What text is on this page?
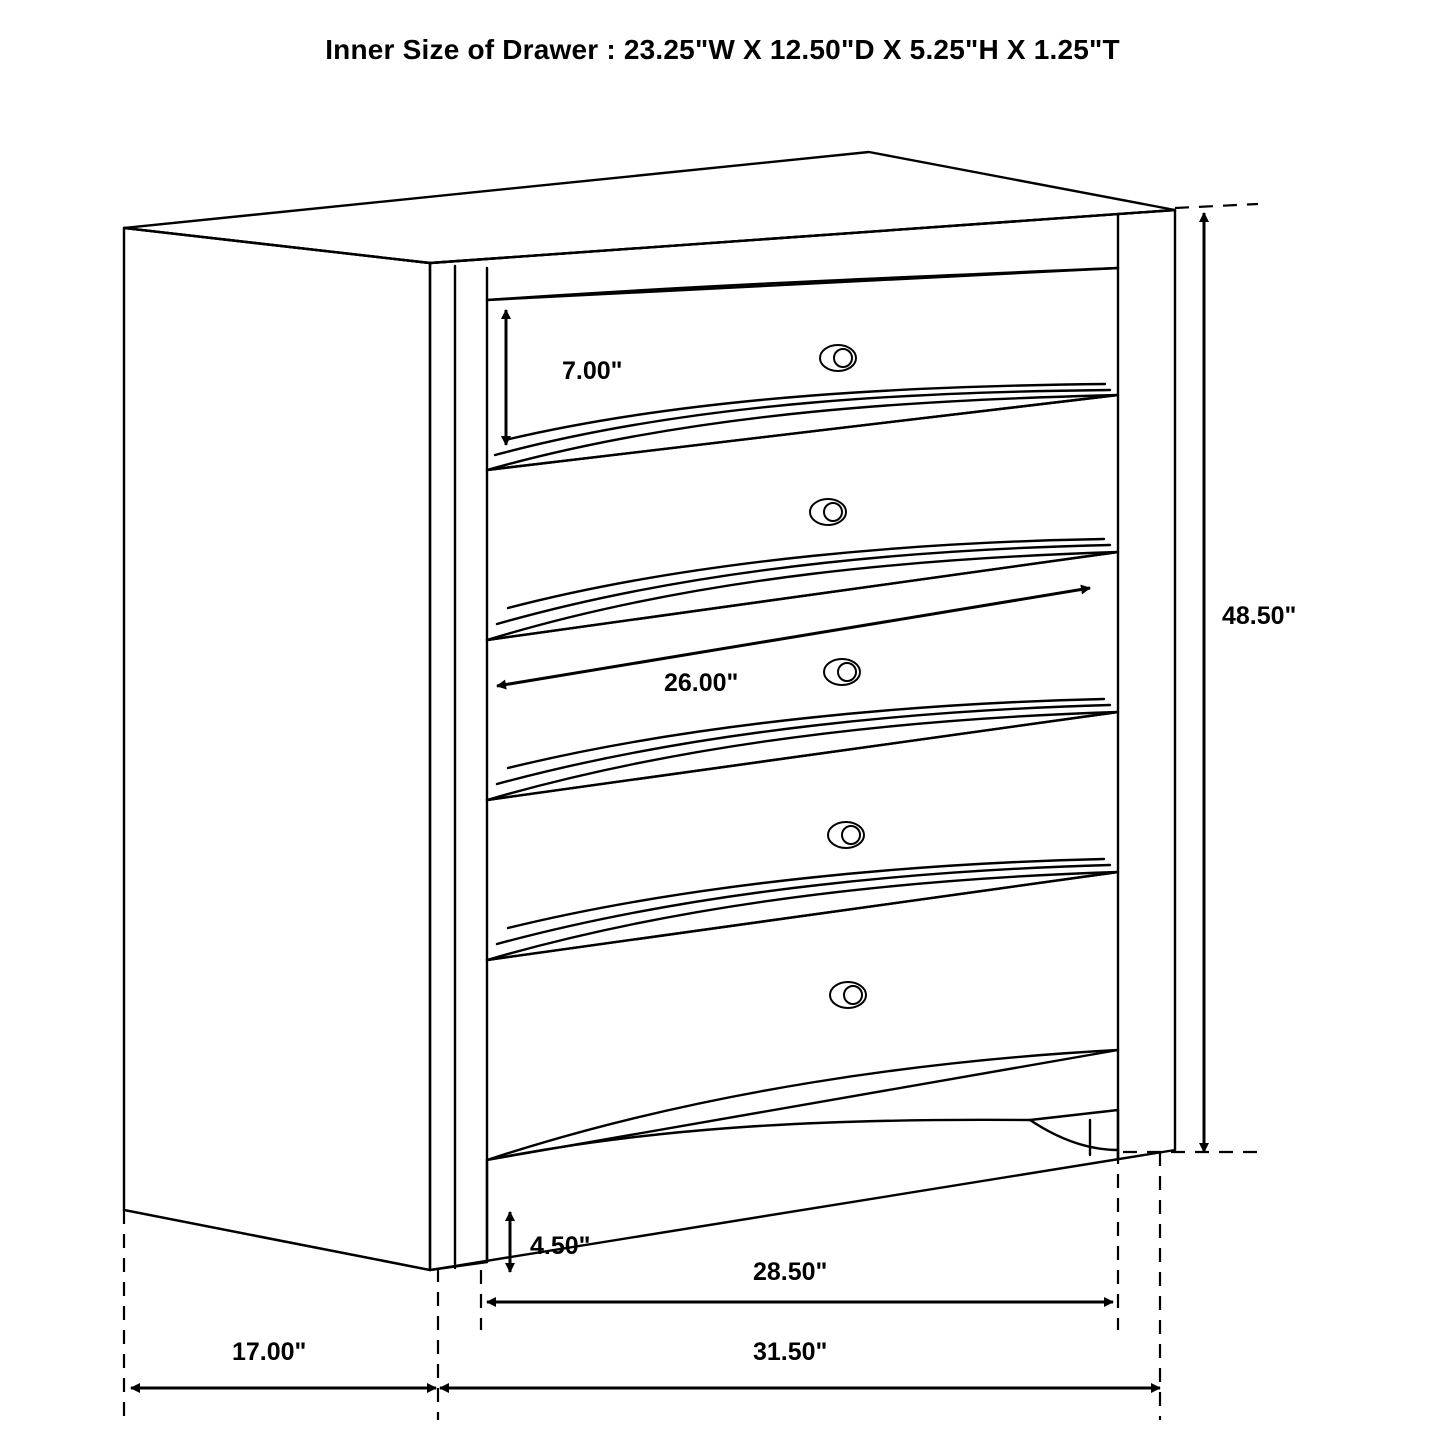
Inner Size of Drawer : 23.25"W X 12.50"D X 5.25"H X 1.25"T
7.00"
26.00"
48.50"
4.50"
28.50"
31.50"
17.00"
